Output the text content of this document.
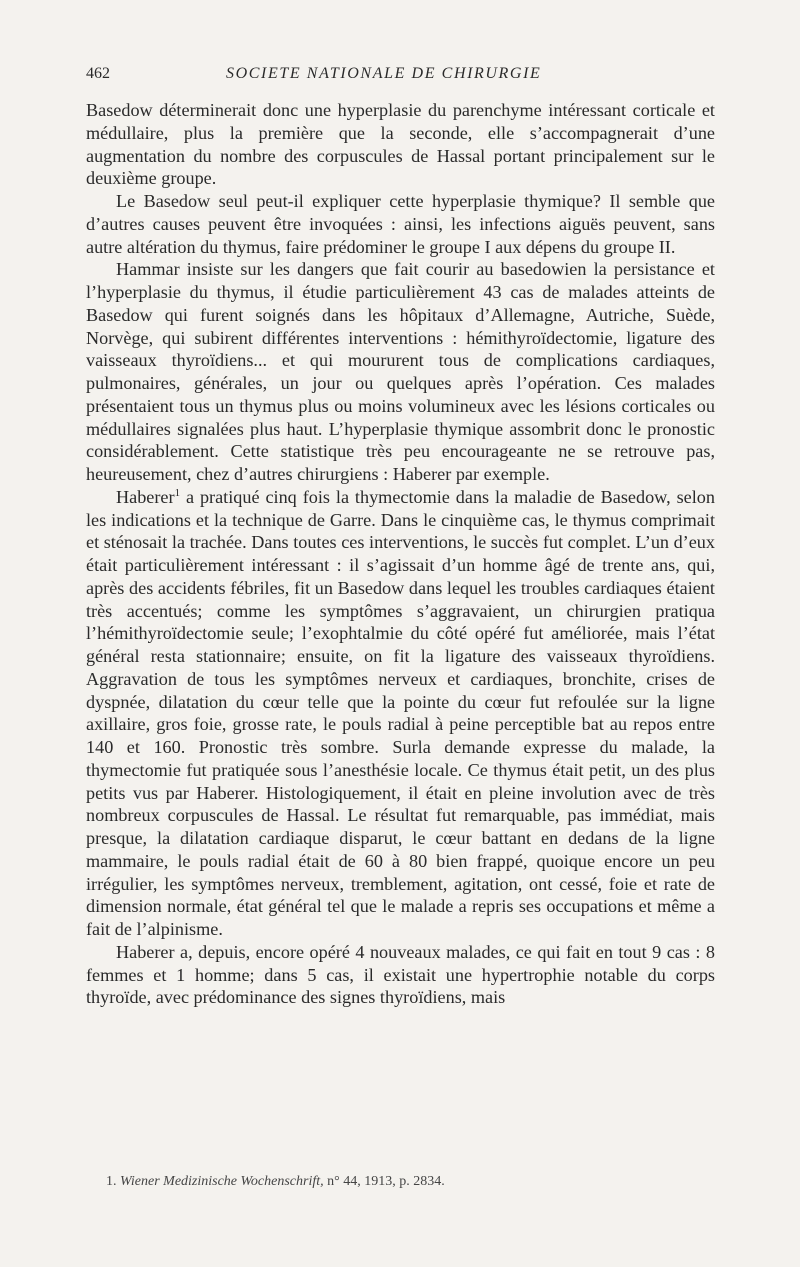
462	SOCIETE NATIONALE DE CHIRURGIE

Basedow déterminerait donc une hyperplasie du parenchyme intéressant corticale et médullaire, plus la première que la seconde, elle s’accompagnerait d’une augmentation du nombre des corpuscules de Hassal portant principalement sur le deuxième groupe.

Le Basedow seul peut-il expliquer cette hyperplasie thymique? Il semble que d’autres causes peuvent être invoquées : ainsi, les infections aiguës peuvent, sans autre altération du thymus, faire prédominer le groupe I aux dépens du groupe II.

Hammar insiste sur les dangers que fait courir au basedowien la persistance et l’hyperplasie du thymus, il étudie particulièrement 43 cas de malades atteints de Basedow qui furent soignés dans les hôpitaux d’Allemagne, Autriche, Suède, Norvège, qui subirent différentes interventions : hémithyroïdectomie, ligature des vaisseaux thyroïdiens... et qui moururent tous de complications cardiaques, pulmonaires, générales, un jour ou quelques après l’opération. Ces malades présentaient tous un thymus plus ou moins volumineux avec les lésions corticales ou médullaires signalées plus haut. L’hyperplasie thymique assombrit donc le pronostic considérablement. Cette statistique très peu encourageante ne se retrouve pas, heureusement, chez d’autres chirurgiens : Haberer par exemple.

Haberer$^1$ a pratiqué cinq fois la thymectomie dans la maladie de Basedow, selon les indications et la technique de Garre. Dans le cinquième cas, le thymus comprimait et sténosait la trachée. Dans toutes ces interventions, le succès fut complet. L’un d’eux était particulièrement intéressant : il s’agissait d’un homme âgé de trente ans, qui, après des accidents fébriles, fit un Basedow dans lequel les troubles cardiaques étaient très accentués; comme les symptômes s’aggravaient, un chirurgien pratiqua l’hémithyroïdectomie seule; l’exophtalmie du côté opéré fut améliorée, mais l’état général resta stationnaire; ensuite, on fit la ligature des vaisseaux thyroïdiens. Aggravation de tous les symptômes nerveux et cardiaques, bronchite, crises de dyspnée, dilatation du cœur telle que la pointe du cœur fut refoulée sur la ligne axillaire, gros foie, grosse rate, le pouls radial à peine perceptible bat au repos entre 140 et 160. Pronostic très sombre. Surla demande expresse du malade, la thymectomie fut pratiquée sous l’anesthésie locale. Ce thymus était petit, un des plus petits vus par Haberer. Histologiquement, il était en pleine involution avec de très nombreux corpuscules de Hassal. Le résultat fut remarquable, pas immédiat, mais presque, la dilatation cardiaque disparut, le cœur battant en dedans de la ligne mammaire, le pouls radial était de 60 à 80 bien frappé, quoique encore un peu irrégulier, les symptômes nerveux, tremblement, agitation, ont cessé, foie et rate de dimension normale, état général tel que le malade a repris ses occupations et même a fait de l’alpinisme.

Haberer a, depuis, encore opéré 4 nouveaux malades, ce qui fait en tout 9 cas : 8 femmes et 1 homme; dans 5 cas, il existait une hypertrophie notable du corps thyroïde, avec prédominance des signes thyroïdiens, mais

1. Wiener Medizinische Wochenschrift, n° 44, 1913, p. 2834.
